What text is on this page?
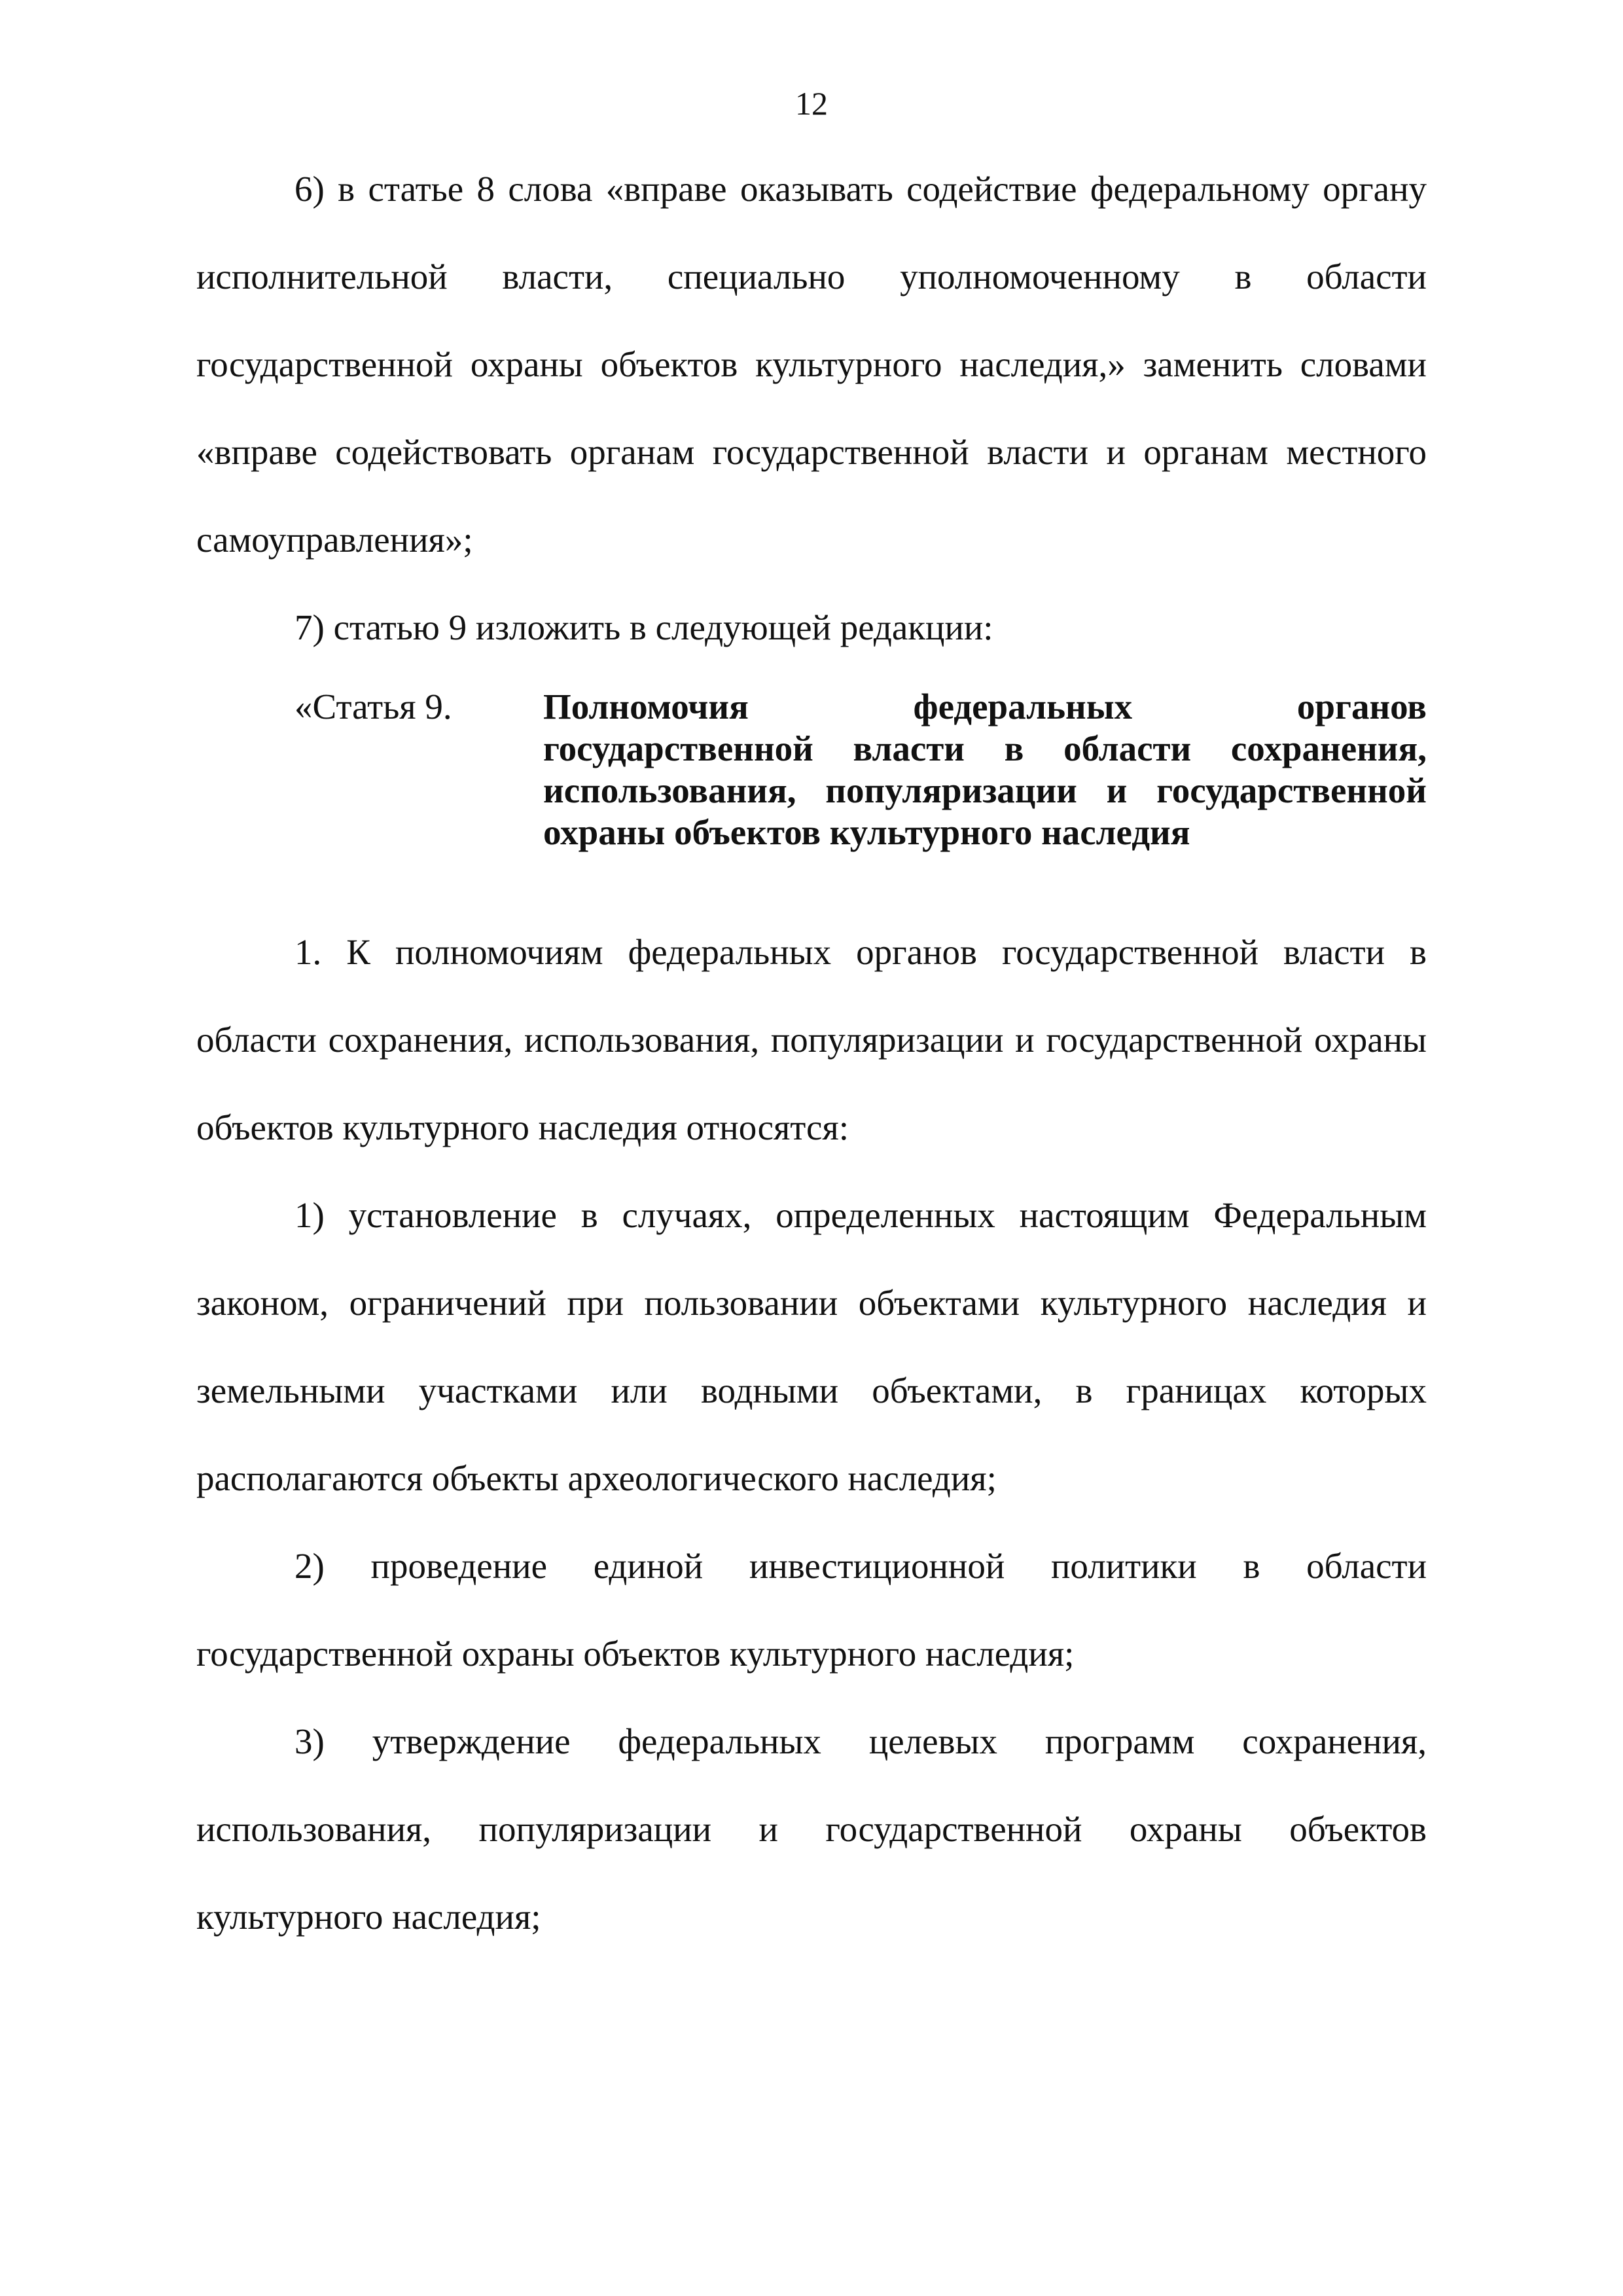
12

6) в статье 8 слова «вправе оказывать содействие федеральному органу исполнительной власти, специально уполномоченному в области государственной охраны объектов культурного наследия,» заменить словами «вправе содействовать органам государственной власти и органам местного самоуправления»;

7) статью 9 изложить в следующей редакции:

«Статья 9.	Полномочия федеральных органов
государственной власти в области сохранения, использования, популяризации и государственной охраны объектов культурного наследия

1. К полномочиям федеральных органов государственной власти в области сохранения, использования, популяризации и государственной охраны объектов культурного наследия относятся:

1) установление в случаях, определенных настоящим Федеральным законом, ограничений при пользовании объектами культурного наследия и земельными участками или водными объектами, в границах которых располагаются объекты археологического наследия;

2) проведение единой инвестиционной политики в области государственной охраны объектов культурного наследия;

3) утверждение федеральных целевых программ сохранения, использования, популяризации и государственной охраны объектов культурного наследия;
